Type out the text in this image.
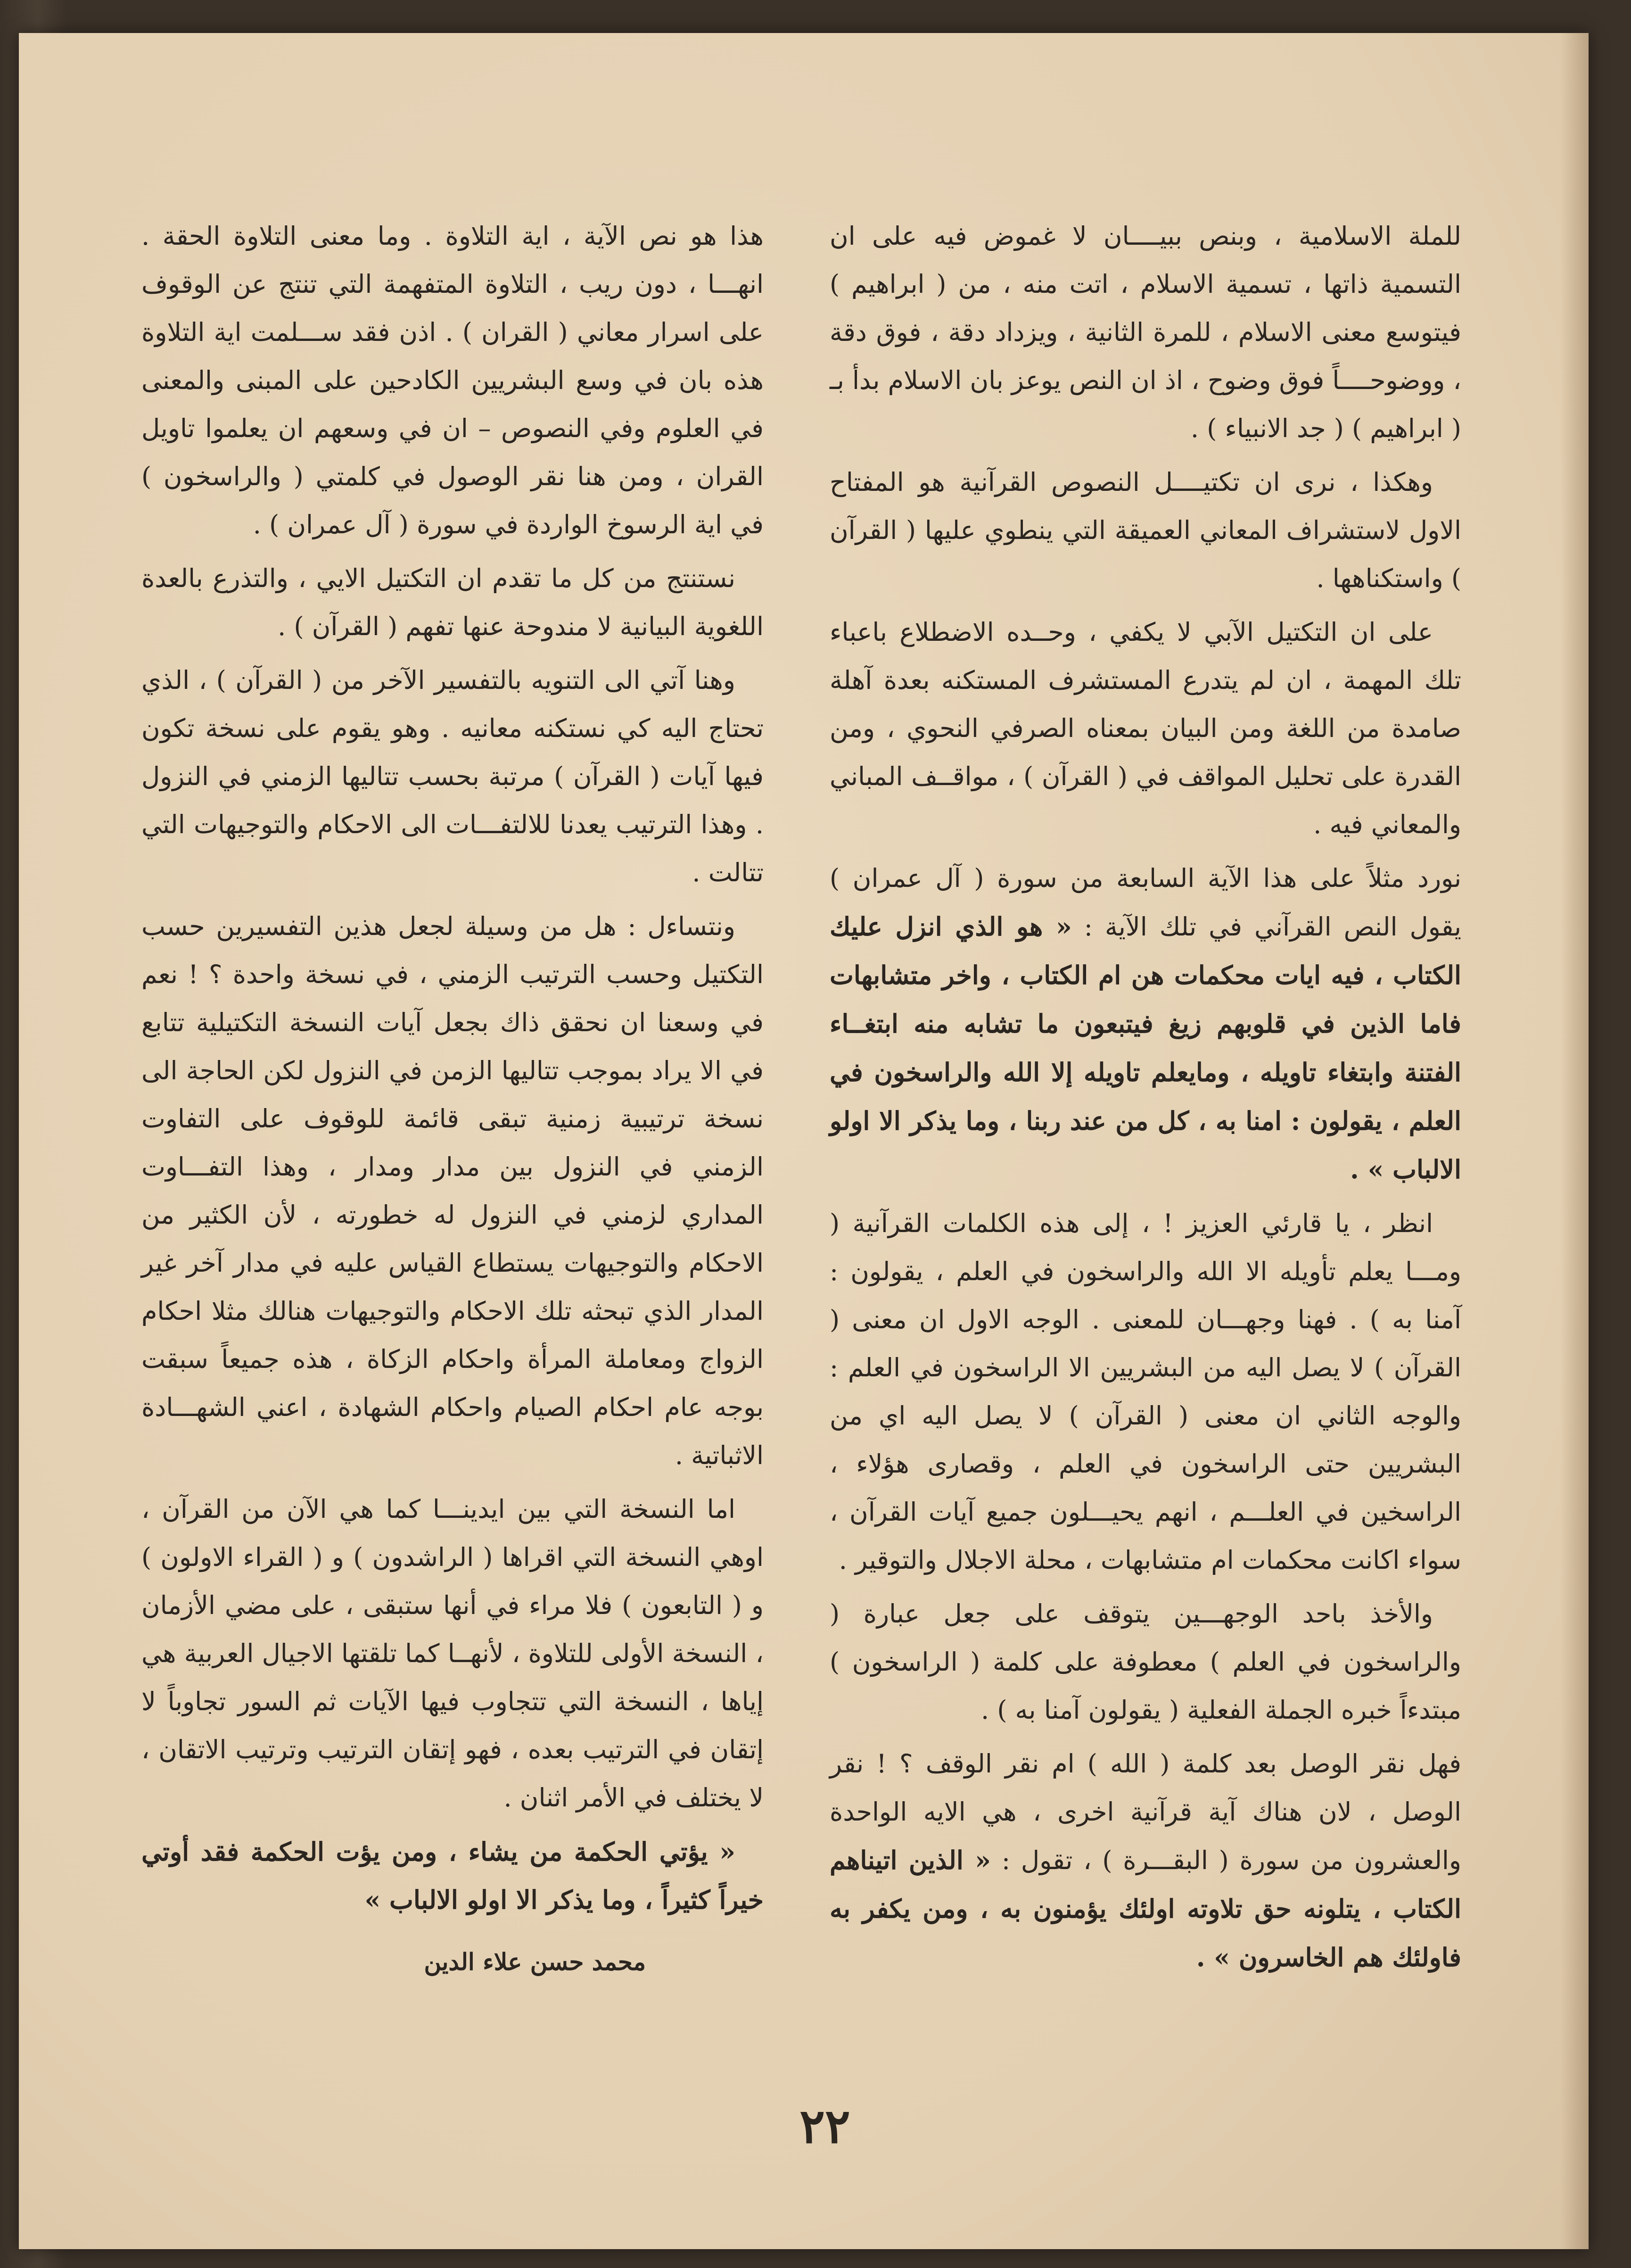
للملة الاسلامية ، وبنص ببيــــان لا غموض فيه على ان التسمية ذاتها ، تسمية الاسلام ، اتت منه ، من ( ابراهيم ) فيتوسع معنى الاسلام ، للمرة الثانية ، ويزداد دقة ، فوق دقة ، ووضوحــــاً فوق وضوح ، اذ ان النص يوعز بان الاسلام بدأ بـ ( ابراهيم ) ( جد الانبياء ) .

وهكذا ، نرى ان تكتيــــل النصوص القرآنية هو المفتاح الاول لاستشراف المعاني العميقة التي ينطوي عليها ( القرآن ) واستكناهها .

على ان التكتيل الآبي لا يكفي ، وحــده الاضطلاع باعباء تلك المهمة ، ان لم يتدرع المستشرف المستكنه بعدة آهلة صامدة من اللغة ومن البيان بمعناه الصرفي النحوي ، ومن القدرة على تحليل المواقف في ( القرآن ) ، مواقــف المباني والمعاني فيه .

نورد مثلاً على هذا الآية السابعة من سورة ( آل عمران ) يقول النص القرآني في تلك الآية : « هو الذي انزل عليك الكتاب ، فيه ايات محكمات هن ام الكتاب ، واخر متشابهات فاما الذين في قلوبهم زيغ فيتبعون ما تشابه منه ابتغــاء الفتنة وابتغاء تاويله ، ومايعلم تاويله إلا الله والراسخون في العلم ، يقولون : امنا به ، كل من عند ربنا ، وما يذكر الا اولو الالباب » .

انظر ، يا قارئي العزيز ! ، إلى هذه الكلمات القرآنية ( ومـــا يعلم تأويله الا الله والراسخون في العلم ، يقولون : آمنا به ) . فهنا وجهـــان للمعنى . الوجه الاول ان معنى ( القرآن ) لا يصل اليه من البشريين الا الراسخون في العلم : والوجه الثاني ان معنى ( القرآن ) لا يصل اليه اي من البشريين حتى الراسخون في العلم ، وقصارى هؤلاء ، الراسخين في العلـــم ، انهم يحيـــلون جميع آيات القرآن ، سواء اكانت محكمات ام متشابهات ، محلة الاجلال والتوقير .

والأخذ باحد الوجهـــين يتوقف على جعل عبارة ( والراسخون في العلم ) معطوفة على كلمة ( الراسخون ) مبتدءاً خبره الجملة الفعلية ( يقولون آمنا به ) .

فهل نقر الوصل بعد كلمة ( الله ) ام نقر الوقف ؟ ! نقر الوصل ، لان هناك آية قرآنية اخرى ، هي الايه الواحدة والعشرون من سورة ( البقـــرة ) ، تقول : « الذين اتيناهم الكتاب ، يتلونه حق تلاوته اولئك يؤمنون به ، ومن يكفر به فاولئك هم الخاسرون » .

هذا هو نص الآية ، اية التلاوة . وما معنى التلاوة الحقة . انهـــا ، دون ريب ، التلاوة المتفهمة التي تنتج عن الوقوف على اسرار معاني ( القران ) . اذن فقد ســـلمت اية التلاوة هذه بان في وسع البشريين الكادحين على المبنى والمعنى في العلوم وفي النصوص – ان في وسعهم ان يعلموا تاويل القران ، ومن هنا نقر الوصول في كلمتي ( والراسخون ) في اية الرسوخ الواردة في سورة ( آل عمران ) .

نستنتج من كل ما تقدم ان التكتيل الايي ، والتذرع بالعدة اللغوية البيانية لا مندوحة عنها تفهم ( القرآن ) .

وهنا آتي الى التنويه بالتفسير الآخر من ( القرآن ) ، الذي تحتاج اليه كي نستكنه معانيه . وهو يقوم على نسخة تكون فيها آيات ( القرآن ) مرتبة بحسب تتاليها الزمني في النزول . وهذا الترتيب يعدنا للالتفـــات الى الاحكام والتوجيهات التي تتالت .

ونتساءل : هل من وسيلة لجعل هذين التفسيرين حسب التكتيل وحسب الترتيب الزمني ، في نسخة واحدة ؟ ! نعم في وسعنا ان نحقق ذاك بجعل آيات النسخة التكتيلية تتابع في الا يراد بموجب تتاليها الزمن في النزول لكن الحاجة الى نسخة ترتيبية زمنية تبقى قائمة للوقوف على التفاوت الزمني في النزول بين مدار ومدار ، وهذا التفـــاوت المداري لزمني في النزول له خطورته ، لأن الكثير من الاحكام والتوجيهات يستطاع القياس عليه في مدار آخر غير المدار الذي تبحثه تلك الاحكام والتوجيهات هنالك مثلا احكام الزواج ومعاملة المرأة واحكام الزكاة ، هذه جميعاً سبقت بوجه عام احكام الصيام واحكام الشهادة ، اعني الشهـــادة الاثباتية .

اما النسخة التي بين ايدينـــا كما هي الآن من القرآن ، اوهي النسخة التي اقراها ( الراشدون ) و ( القراء الاولون ) و ( التابعون ) فلا مراء في أنها ستبقى ، على مضي الأزمان ، النسخة الأولى للتلاوة ، لأنهــا كما تلقتها الاجيال العربية هي إياها ، النسخة التي تتجاوب فيها الآيات ثم السور تجاوباً لا إتقان في الترتيب بعده ، فهو إتقان الترتيب وترتيب الاتقان ، لا يختلف في الأمر اثنان .

« يؤتي الحكمة من يشاء ، ومن يؤت الحكمة فقد أوتي خيراً كثيراً ، وما يذكر الا اولو الالباب »

محمد حسن علاء الدين
٢٢
